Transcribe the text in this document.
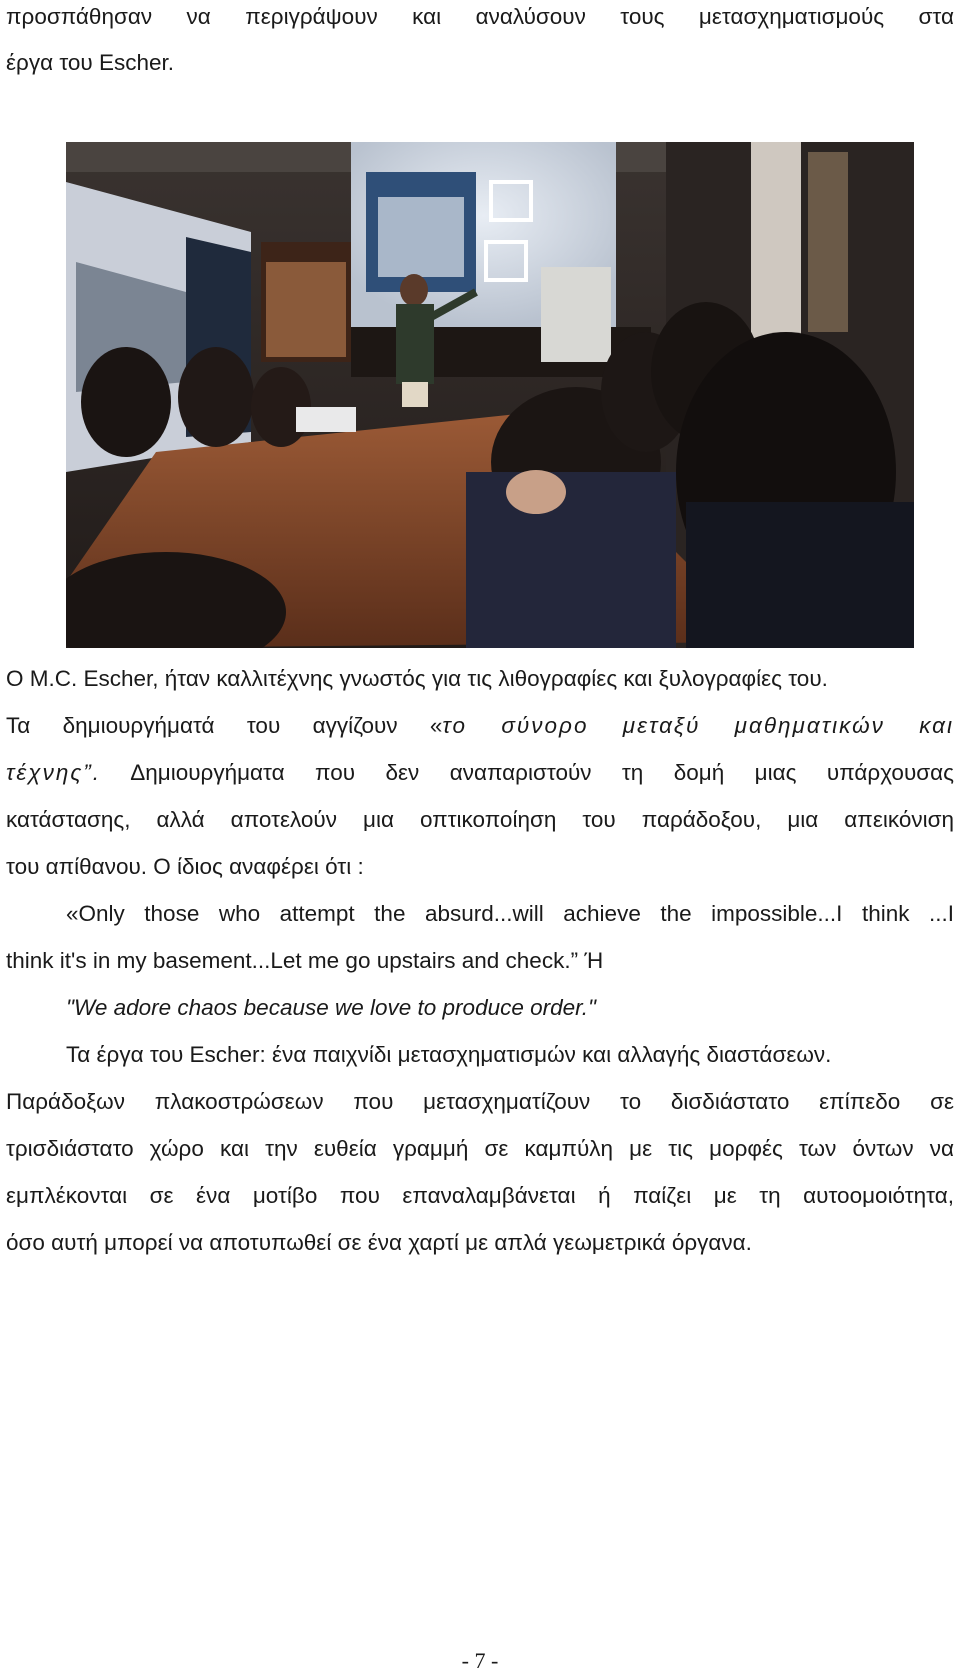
προσπάθησαν να περιγράψουν και αναλύσουν τους μετασχηματισμούς στα
έργα του Escher.
Ο M.C. Escher, ήταν καλλιτέχνης γνωστός για τις λιθογραφίες και ξυλογραφίες του.
Τα δημιουργήματά του αγγίζουν «το σύνορο μεταξύ μαθηματικών και
τέχνης”. Δημιουργήματα που δεν αναπαριστούν τη δομή μιας υπάρχουσας
κατάστασης, αλλά αποτελούν μια οπτικοποίηση του παράδοξου, μια απεικόνιση
του απίθανου. Ο ίδιος αναφέρει ότι :
«Only those who attempt the absurd...will achieve the impossible...I think ...I
think it's in my basement...Let me go upstairs and check.” Ή
"We adore chaos because we love to produce order."
Τα έργα του Escher: ένα παιχνίδι μετασχηματισμών και αλλαγής διαστάσεων.
Παράδοξων πλακοστρώσεων που μετασχηματίζουν το δισδιάστατο επίπεδο σε
τρισδιάστατο χώρο και την ευθεία γραμμή σε καμπύλη με τις μορφές των όντων να
εμπλέκονται σε ένα μοτίβο που επαναλαμβάνεται ή παίζει με τη αυτοομοιότητα,
όσο αυτή μπορεί να αποτυπωθεί σε ένα χαρτί με απλά γεωμετρικά όργανα.
- 7 -
